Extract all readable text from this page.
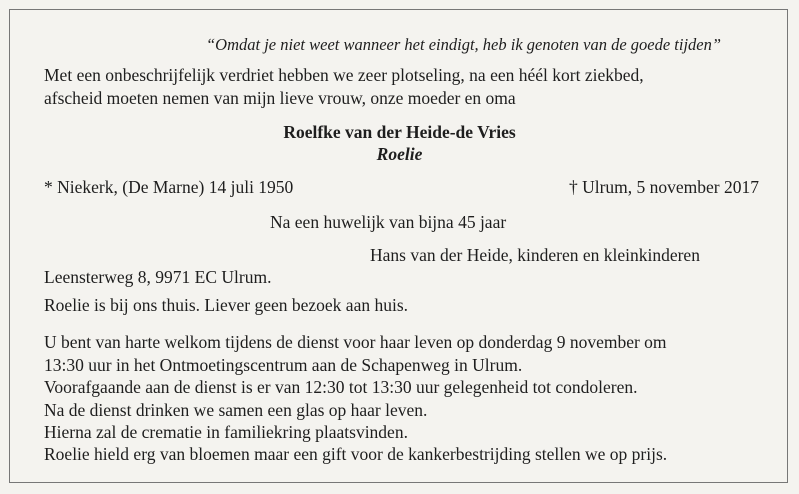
“Omdat je niet weet wanneer het eindigt, heb ik genoten van de goede tijden”
Met een onbeschrijfelijk verdriet hebben we zeer plotseling, na een héél kort ziekbed,
afscheid moeten nemen van mijn lieve vrouw, onze moeder en oma
Roelfke van der Heide-de Vries
Roelie
* Niekerk, (De Marne) 14 juli 1950	† Ulrum, 5 november 2017
Na een huwelijk van bijna 45 jaar
Hans van der Heide, kinderen en kleinkinderen
Leensterweg 8, 9971 EC Ulrum.
Roelie is bij ons thuis. Liever geen bezoek aan huis.
U bent van harte welkom tijdens de dienst voor haar leven op donderdag 9 november om
13:30 uur in het Ontmoetingscentrum aan de Schapenweg in Ulrum.
Voorafgaande aan de dienst is er van 12:30 tot 13:30 uur gelegenheid tot condoleren.
Na de dienst drinken we samen een glas op haar leven.
Hierna zal de crematie in familiekring plaatsvinden.
Roelie hield erg van bloemen maar een gift voor de kankerbestrijding stellen we op prijs.
